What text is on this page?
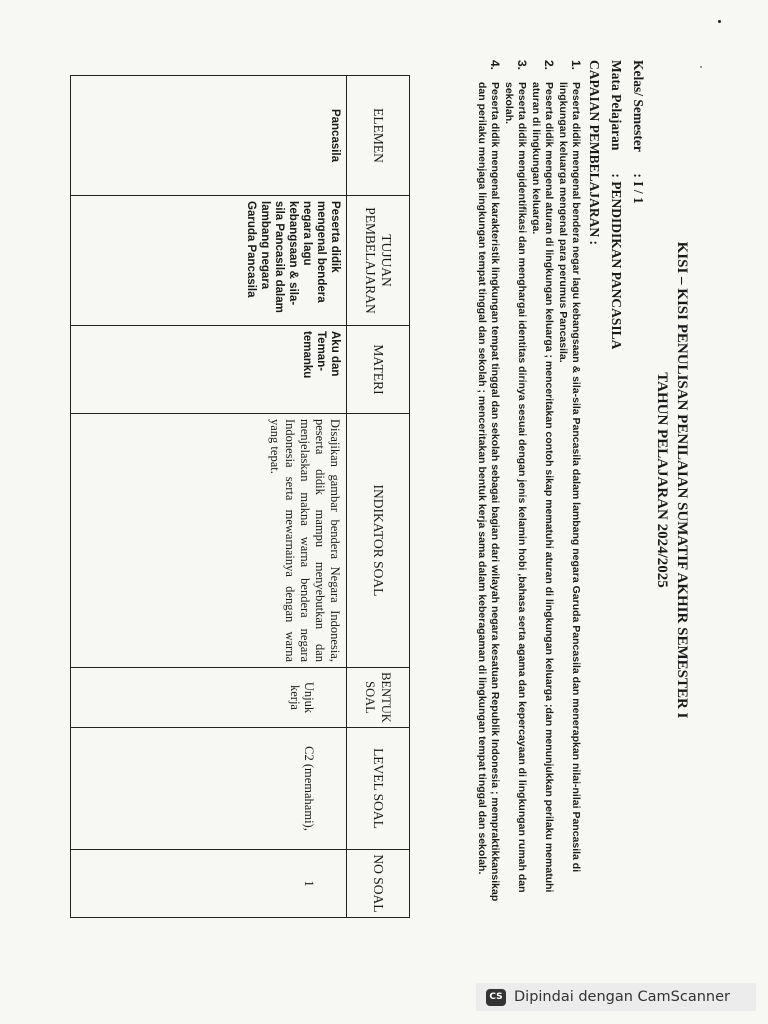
KISI – KISI PENULISAN PENILAIAN SUMATIF AKHIR SEMESTER I
TAHUN PELAJARAN 2024/2025
Kelas/ Semester : I / 1
Mata Pelajaran : PENDIDIKAN PANCASILA
CAPAIAN PEMBELAJARAN :
1.
Peserta didik mengenal bendera negar lagu kebangsaan & sila-sila Pancasila dalam lambang negara Garuda Pancasila dan menerapkan nilai-nilai Pancasila di lingkungan keluarga mengenal para perumus Pancasila.
2.
Peserta didik mengenal aturan di lingkungan keluarga ; menceritakan contoh sikap mematuhi aturan di lingkungan keluarga ;dan menunjukkan perilaku mematuhi aturan di lingkungan keluarga.
3.
Peserta didik mengidentifikasi dan menghargai identitas dirinya sesuai dengan jenis kelamin hobi ,bahasa serta agama dan kepercayaan di lingkungan rumah dan sekolah.
4.
Peserta didik mengenal karakteristik lingkungan tempat tinggal dan sekolah sebagai bagian dari wilayah negara kesatuan Republik Indonesia ; mempraktikkansikap dan perilaku menjaga lingkungan tempat tinggal dan sekolah ; menceritakan bentuk kerja sama dalam keberagaman di lingkungan tempat tinggal dan sekolah.
ELEMEN	TUJUAN PEMBELAJARAN	MATERI	INDIKATOR SOAL	BENTUK SOAL	LEVEL SOAL	NO SOAL
Pancasila	Peserta didik mengenal bendera negara lagu kebangsaan & sila-sila Pancasila dalam lambang negara Garuda Pancasila	Aku dan Teman-temanku	Disajikan gambar bendera Negara Indonesia, peserta didik mampu menyebutkan dan menjelaskan makna warna bendera negara Indonesia serta mewarnainya dengan warna yang tepat.	Unjuk kerja	C2 (memahami),	1
CS Dipindai dengan CamScanner
